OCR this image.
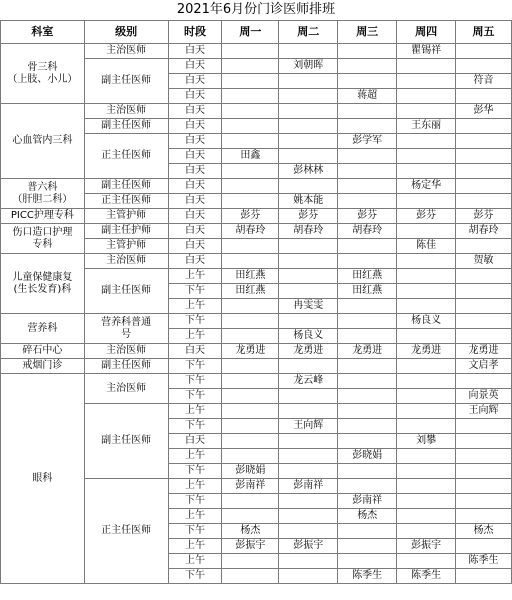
2021年6月份门诊医师排班
科室	级别	时段	周一	周二	周三	周四	周五
骨三科
（上肢、小儿）	主治医师	白天				瞿锡祥	
	副主任医师	白天		刘朝晖			
		白天					符音
		白天			蒋超		
心血管内三科	主治医师	白天					彭华
	副主任医师	白天				王东丽	
	正主任医师	白天			彭学军		
		白天	田鑫				
		白天		彭林林			
普六科
（肝胆二科）	副主任医师	白天				杨定华	
	正主任医师	白天		姚本能			
PICC护理专科	主管护师	白天	彭芬	彭芬	彭芬	彭芬	彭芬
伤口造口护理
专科	副主任护师	白天	胡春玲	胡春玲	胡春玲		胡春玲
	主管护师	白天				陈佳	
儿童保健康复
(生长发育)科	主治医师	白天					贺敏
	副主任医师	上午	田红燕		田红燕		
		下午	田红燕		田红燕		
		上午		冉雯雯			
营养科	营养科普通
号	下午				杨良义	
		上午		杨良义			
碎石中心	主治医师	白天	龙勇进	龙勇进	龙勇进	龙勇进	龙勇进
戒烟门诊	副主任医师	下午					文启孝
眼科	主治医师	下午		龙云峰			
		下午					向景英
	副主任医师	上午					王向辉
		下午		王向辉			
		白天				刘攀	
		上午			彭晓娟		
		下午	彭晓娟				
	正主任医师	上午	彭南祥	彭南祥			
		下午			彭南祥		
		上午			杨杰		
		下午	杨杰				杨杰
		上午	彭振宇	彭振宇		彭振宇	
		上午					陈季生
		下午			陈季生	陈季生	
